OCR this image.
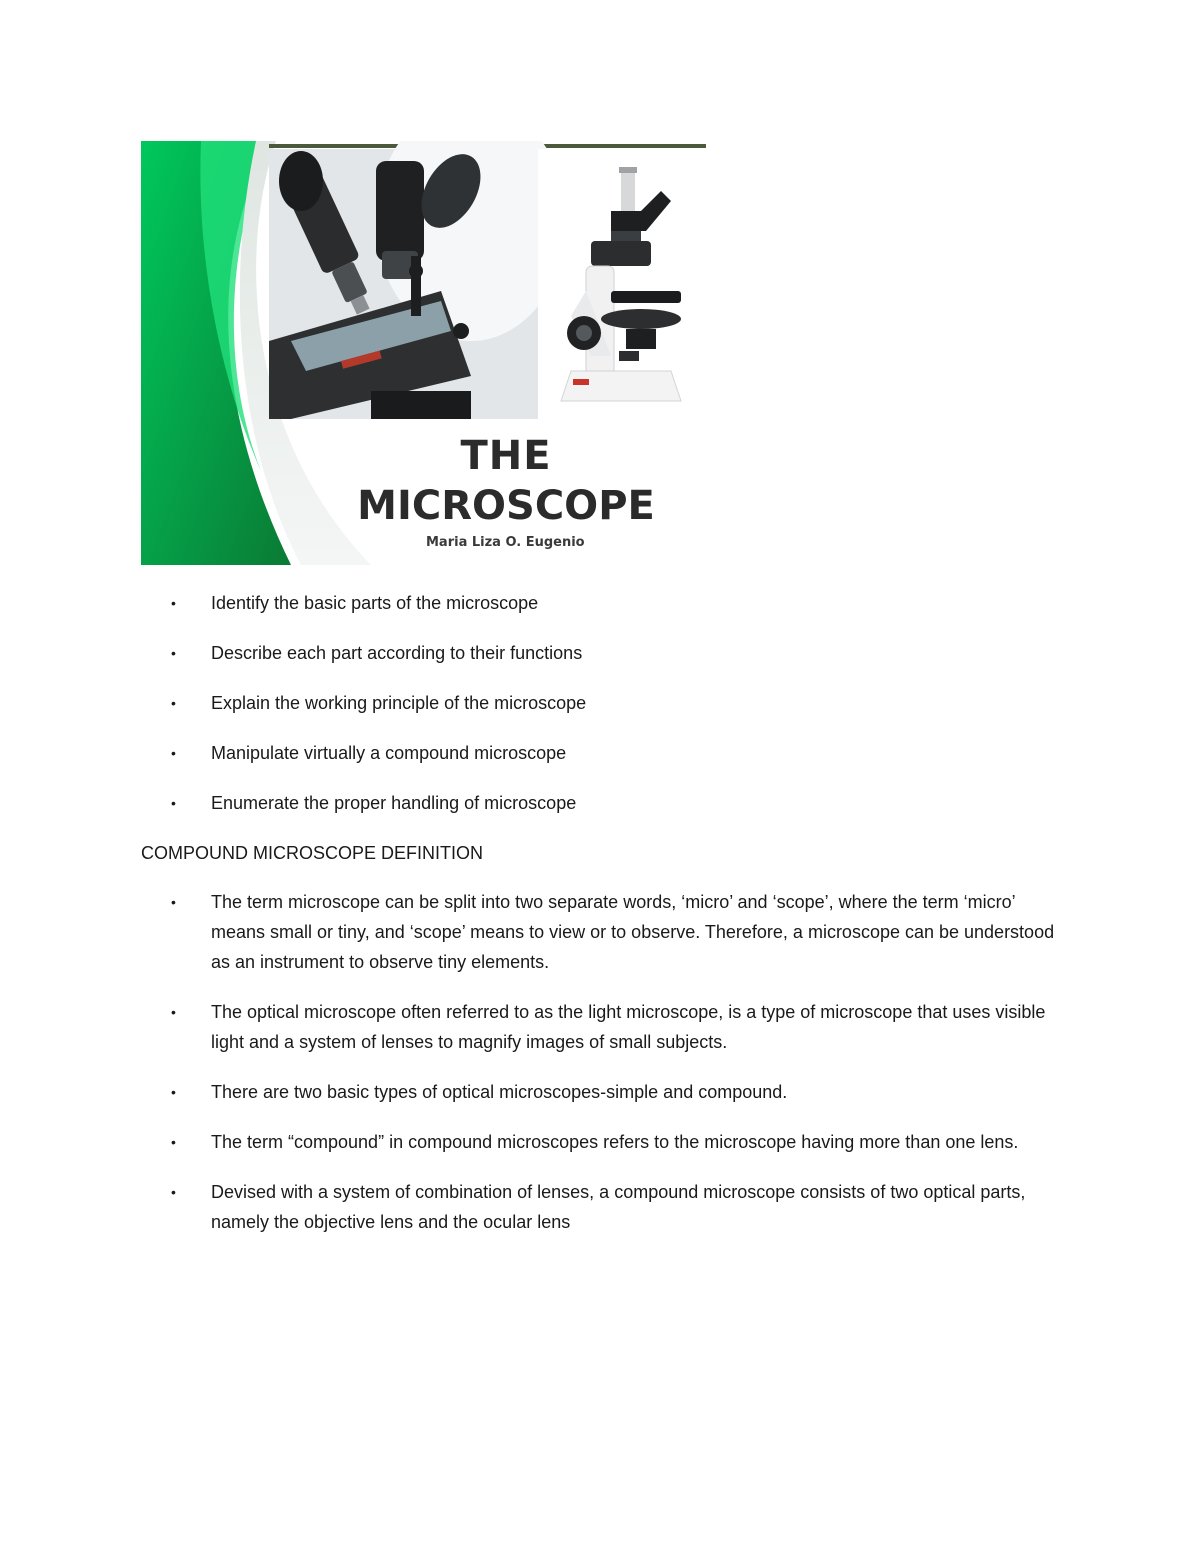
THE
MICROSCOPE
Maria Liza O. Eugenio
• Identify the basic parts of the microscope
• Describe each part according to their functions
• Explain the working principle of the microscope
• Manipulate virtually a compound microscope
• Enumerate the proper handling of microscope
COMPOUND MICROSCOPE DEFINITION
• The term microscope can be split into two separate words, ‘micro’ and ‘scope’, where the term ‘micro’ means small or tiny, and ‘scope’ means to view or to observe. Therefore, a microscope can be understood as an instrument to observe tiny elements.
• The optical microscope often referred to as the light microscope, is a type of microscope that uses visible light and a system of lenses to magnify images of small subjects.
• There are two basic types of optical microscopes-simple and compound.
• The term “compound” in compound microscopes refers to the microscope having more than one lens.
• Devised with a system of combination of lenses, a compound microscope consists of two optical parts, namely the objective lens and the ocular lens
